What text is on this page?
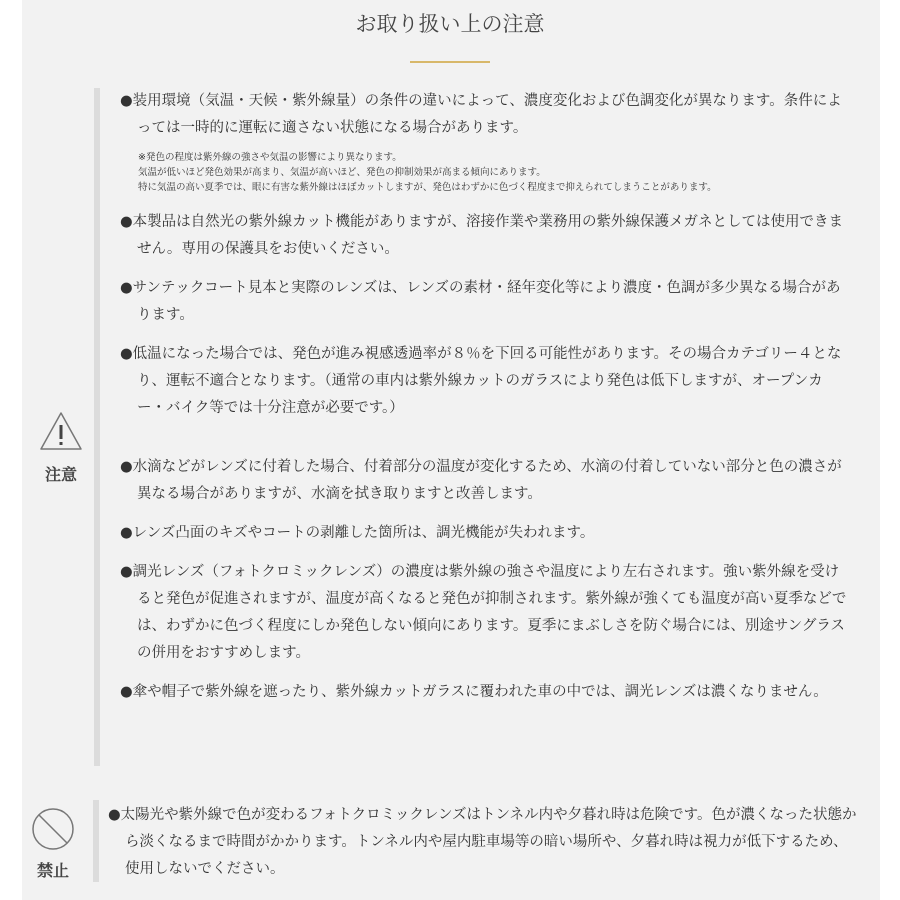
お取り扱い上の注意
注意

●装用環境（気温・天候・紫外線量）の条件の違いによって、濃度変化および色調変化が異なります。条件によっては一時的に運転に適さない状態になる場合があります。

※発色の程度は紫外線の強さや気温の影響により異なります。
気温が低いほど発色効果が高まり、気温が高いほど、発色の抑制効果が高まる傾向にあります。
特に気温の高い夏季では、眼に有害な紫外線はほぼカットしますが、発色はわずかに色づく程度まで抑えられてしまうことがあります。

●本製品は自然光の紫外線カット機能がありますが、溶接作業や業務用の紫外線保護メガネとしては使用できません。専用の保護具をお使いください。

●サンテックコート見本と実際のレンズは、レンズの素材・経年変化等により濃度・色調が多少異なる場合があります。

●低温になった場合では、発色が進み視感透過率が８％を下回る可能性があります。その場合カテゴリー４となり、運転不適合となります。（通常の車内は紫外線カットのガラスにより発色は低下しますが、オープンカー・バイク等では十分注意が必要です。）

●水滴などがレンズに付着した場合、付着部分の温度が変化するため、水滴の付着していない部分と色の濃さが異なる場合がありますが、水滴を拭き取りますと改善します。

●レンズ凸面のキズやコートの剥離した箇所は、調光機能が失われます。

●調光レンズ（フォトクロミックレンズ）の濃度は紫外線の強さや温度により左右されます。強い紫外線を受けると発色が促進されますが、温度が高くなると発色が抑制されます。紫外線が強くても温度が高い夏季などでは、わずかに色づく程度にしか発色しない傾向にあります。夏季にまぶしさを防ぐ場合には、別途サングラスの併用をおすすめします。

●傘や帽子で紫外線を遮ったり、紫外線カットガラスに覆われた車の中では、調光レンズは濃くなりません。

禁止

●太陽光や紫外線で色が変わるフォトクロミックレンズはトンネル内や夕暮れ時は危険です。色が濃くなった状態から淡くなるまで時間がかかります。トンネル内や屋内駐車場等の暗い場所や、夕暮れ時は視力が低下するため、使用しないでください。
